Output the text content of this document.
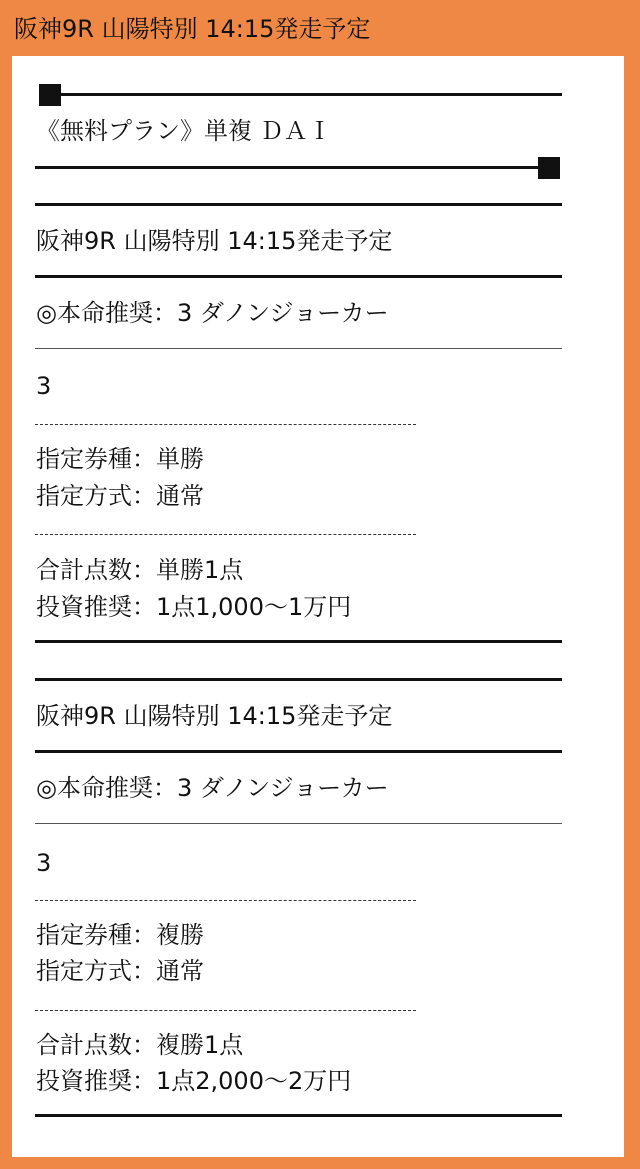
阪神9R 山陽特別 14:15発走予定
《無料プラン》単複 ＤＡＩ
阪神9R 山陽特別 14:15発走予定
◎本命推奨：3 ダノンジョーカー
3
指定券種：単勝
指定方式：通常
合計点数：単勝1点
投資推奨：1点1,000〜1万円
阪神9R 山陽特別 14:15発走予定
◎本命推奨：3 ダノンジョーカー
3
指定券種：複勝
指定方式：通常
合計点数：複勝1点
投資推奨：1点2,000〜2万円
